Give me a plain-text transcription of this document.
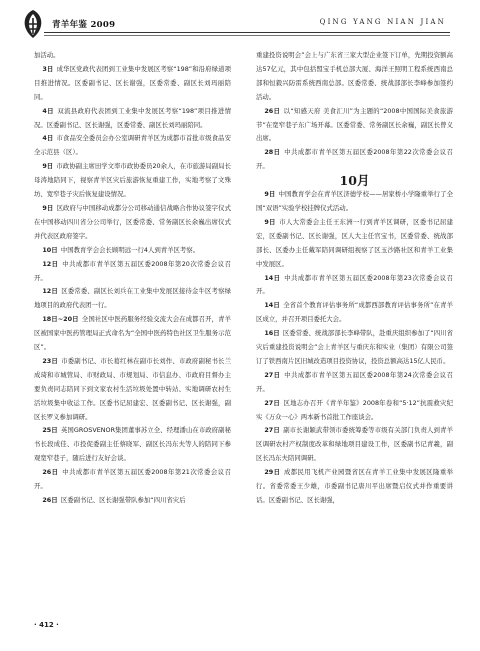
青羊年鉴 2009	QING YANG NIAN JIAN

加活动。

3日  成华区党政代表团到工业集中发展区考察“198”和沿府绿道项目推进情况。区委副书记、区长谢强，区委常委、副区长刘玛丽陪同。

4日  双流县政府代表团到工业集中发展区考察“198”项目推进情况。区委副书记、区长谢强，区委常委、副区长刘玛丽陪同。

4日  市食品安全委员会办公室调研青羊区为成都市首批市级食品安全示范县（区）。

9日  市政协副主席田学文率市政协委员20余人，在市旅游局副局长母涛地陪同下，视察青羊区灾后旅游恢复重建工作，实地考察了文殊坊、宽窄巷子灾后恢复建设情况。

9日  区政府与中国移动成都分公司移动通信战略合作协议签字仪式在中国移动四川省分公司举行，区委常委、常务副区长余巍出席仪式并代表区政府签字。

10日  中国教育学会会长顾明远一行4人到青羊区考察。

12日  中共成都市青羊区第五届区委2008年第20次常委会议召开。

12日  区委常委、副区长刘兵在工业集中发展区接待金牛区考察绿地项目的政府代表团一行。

18日~20日  全国社区中医药服务经验交流大会在成都召开，青羊区被国家中医药管理局正式命名为“全国中医药特色社区卫生服务示范区”。

23日  市委副书记、市长葛红林在副市长刘作、市政府副秘书长兰成琦和市城管局、市财政局、市规划局、市信息办、市政府目督办主要负责同志陪同下到文家农村生活垃圾处置中转站、实地调研农村生活垃圾集中收运工作。区委书记屈建宏、区委副书记、区长谢强，副区长罗义参加调研。

25日  英国GROSVENOR集团董事苏立全、经理潘山在市政府副秘书长段成佳、市投促委副主任蔡晓军、副区长冯东夫等人的陪同下参观宽窄巷子，随后进行友好会谈。

26日  中共成都市青羊区第五届区委2008年第21次常委会议召开。

26日  区委副书记、区长谢强带队参加“四川省灾后

重建投资说明会”会上与广东省三家大型企业签下订单，先期投资额高达57亿元，其中包括盟宝手机总部大厦、海洋王照明工程系统西南总部和恒毅兴防雷系统西南总部。区委常委、统战部部长李峰参加签约活动。

26日  以“知感天府 美食汇川”为主题的“2008中国国际美食旅游节”在宽窄巷子东广场开幕。区委常委、常务副区长余巍，副区长曾义出席。

28日  中共成都市青羊区第五届区委2008年第22次常委会议召开。

10月

9日  中国教育学会在青羊区济德学校——居家桥小学隆重举行了全国“双语”实验学校挂牌仪式活动。

9日  市人大常委会主任王东洲一行到青羊区调研，区委书记屈建宏，区委副书记、区长谢强，区人大主任官宝书，区委常委、统战部部长、区委办主任戴军陪同调研组视察了区玉沙路社区和青羊工业集中发展区。

14日  中共成都市青羊区第五届区委2008年第23次常委会议召开。

14日  全省首个教育评估事务所“成都西部教育评估事务所”在青羊区成立，并召开项目委托大会。

16日  区委常委、统战部部长李峰带队，赴重庆组织参加了“四川省灾后重建投资说明会”会上青羊区与重庆东和实业（集团）有限公司签订了铁西南片区旧城改造项目投资协议，投资总额高达15亿人民币。

27日  中共成都市青羊区第五届区委2008年第24次常委会议召开。

27日  区地志办召开《青羊年鉴》2008年卷和“5·12”抗震救灾纪实《万众一心》两本新书首批工作座谈会。

27日  副市长谢颖武带领市委统筹委等市级有关部门负责人到青羊区调研农村产权制度改革和绿地项目建设工作，区委副书记青羲，副区长冯东夫陪同调研。

29日  成都民用飞机产业园暨省区在青羊工业集中发展区隆重举行。省委常委王少雄，市委副书记唐川平出席暨启仪式并作重要讲话。区委副书记、区长谢强，

· 412 ·
